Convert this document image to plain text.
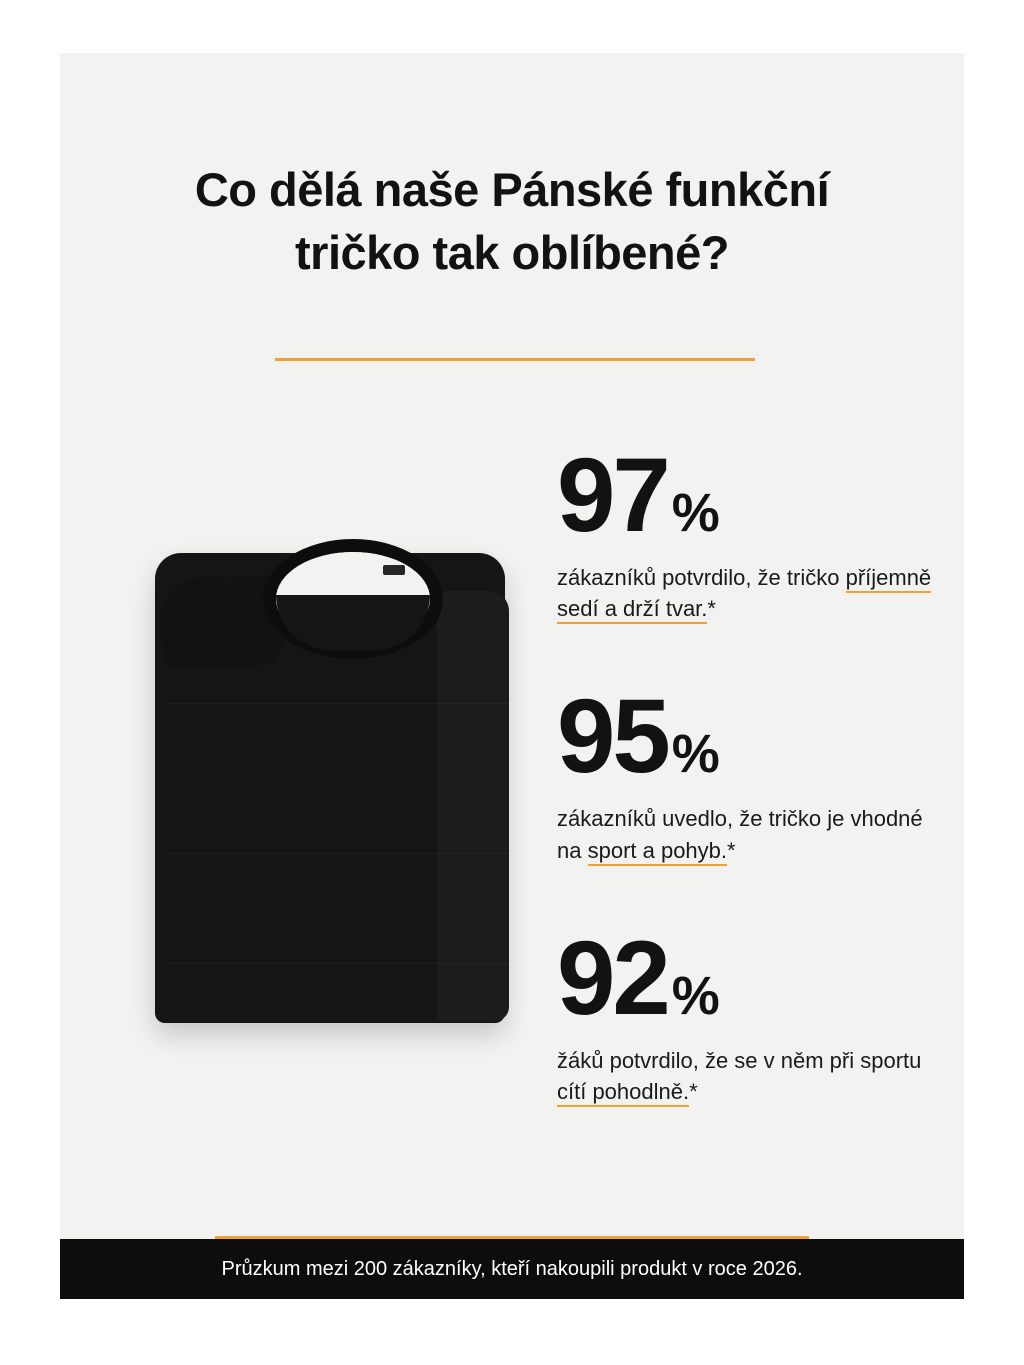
Co dělá naše Pánské funkční
tričko tak oblíbené?
97 %
zákazníků potvrdilo, že tričko příjemně sedí a drží tvar.*
95 %
zákazníků uvedlo, že tričko je vhodné na sport a pohyb.*
92 %
žáků potvrdilo, že se v něm při sportu cítí pohodlně.*
Průzkum mezi 200 zákazníky, kteří nakoupili produkt v roce 2026.
